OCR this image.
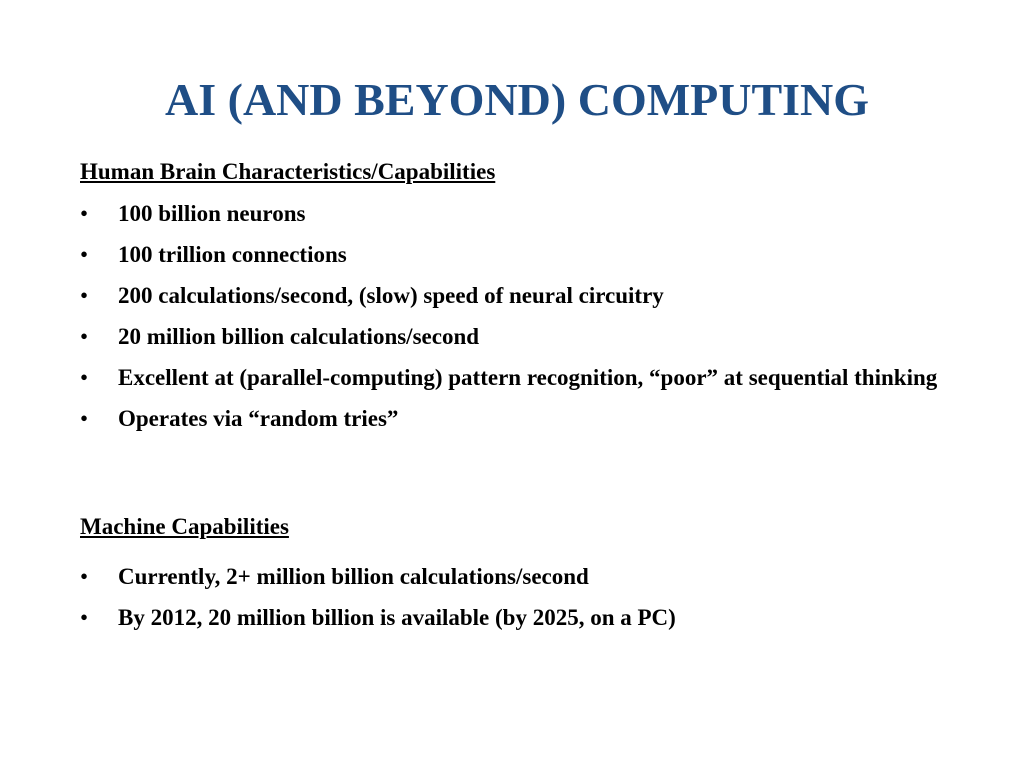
AI (AND BEYOND) COMPUTING
Human Brain Characteristics/Capabilities
• 100 billion neurons
• 100 trillion connections
• 200 calculations/second, (slow) speed of neural circuitry
• 20 million billion calculations/second
• Excellent at (parallel-computing) pattern recognition, “poor” at sequential thinking
• Operates via “random tries”
Machine Capabilities
• Currently, 2+ million billion calculations/second
• By 2012, 20 million billion is available (by 2025, on a PC)
